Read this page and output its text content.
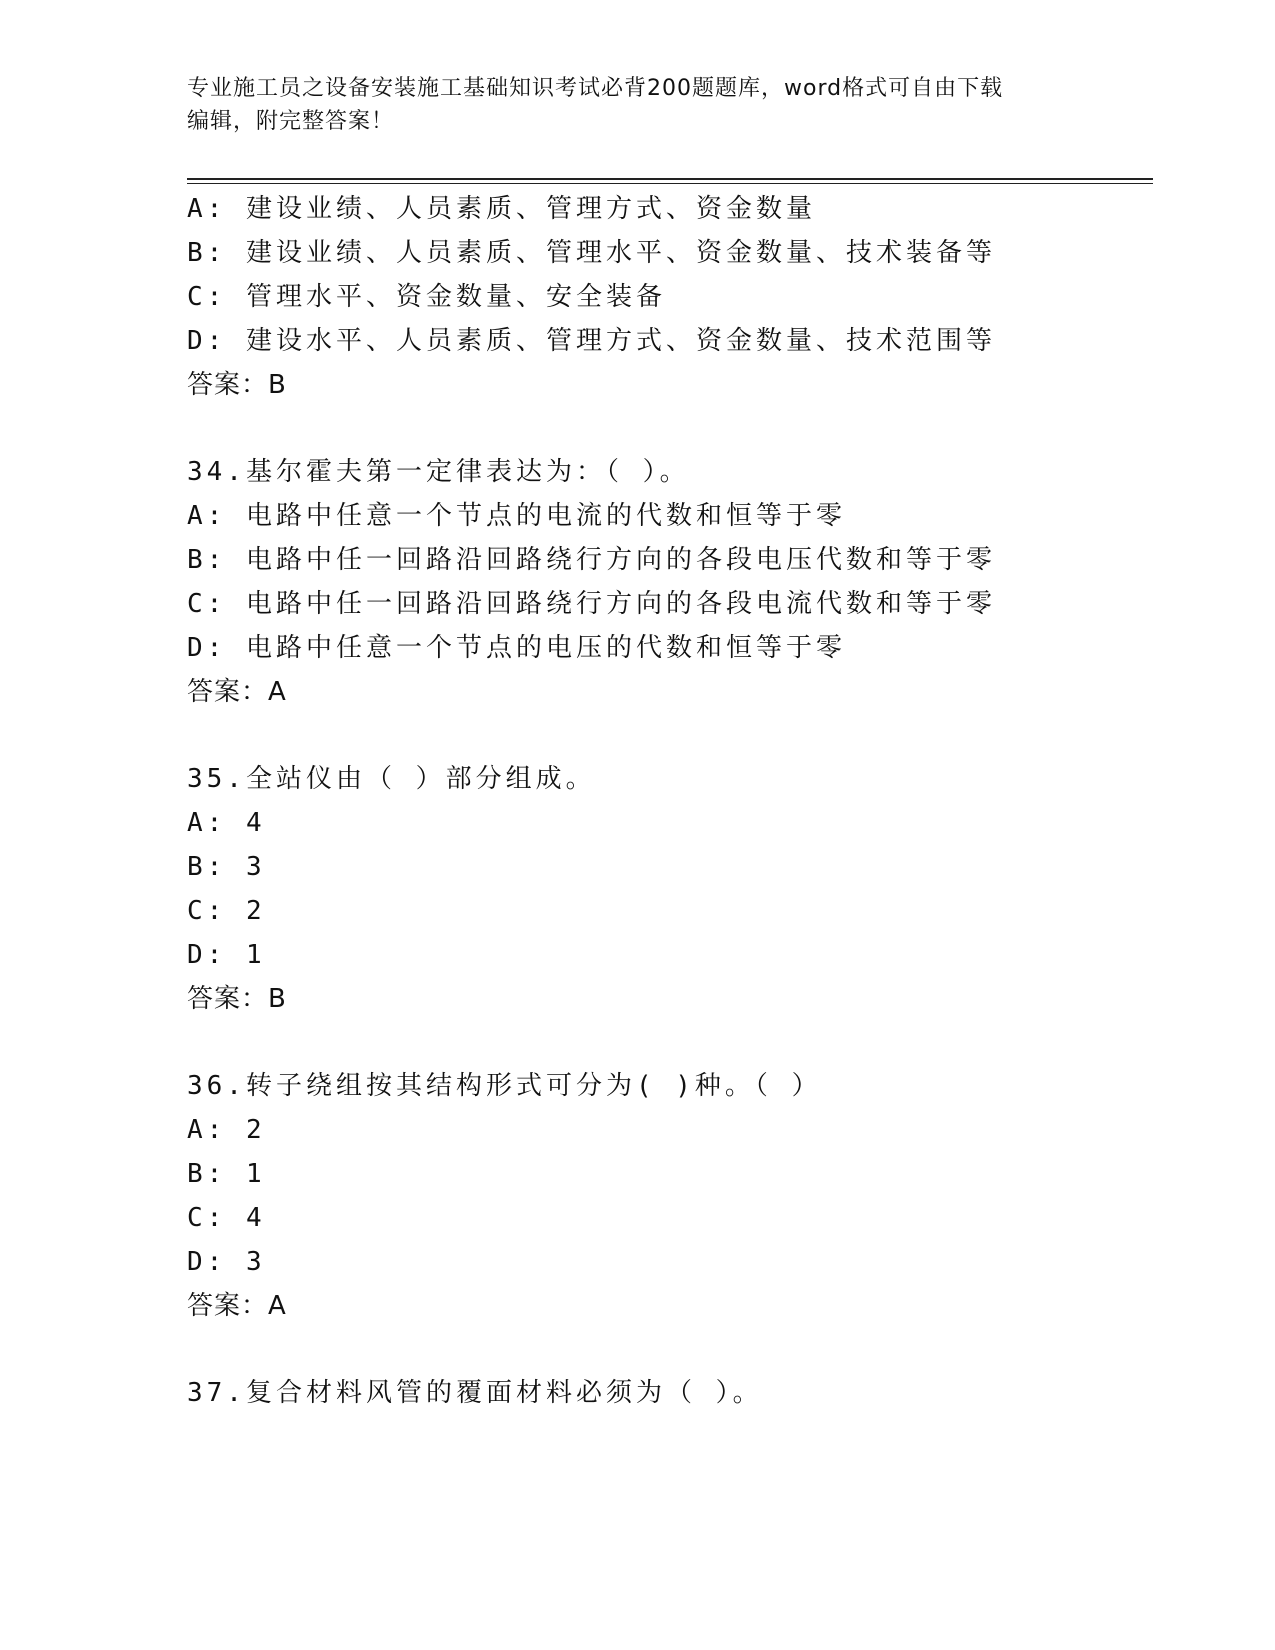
专业施工员之设备安装施工基础知识考试必背200题题库，word格式可自由下载
编辑，附完整答案！
A: 建设业绩、人员素质、管理方式、资金数量
B: 建设业绩、人员素质、管理水平、资金数量、技术装备等
C: 管理水平、资金数量、安全装备
D: 建设水平、人员素质、管理方式、资金数量、技术范围等
答案：B
34.基尔霍夫第一定律表达为：（ ）。
A: 电路中任意一个节点的电流的代数和恒等于零
B: 电路中任一回路沿回路绕行方向的各段电压代数和等于零
C: 电路中任一回路沿回路绕行方向的各段电流代数和等于零
D: 电路中任意一个节点的电压的代数和恒等于零
答案：A
35.全站仪由（ ）部分组成。
A: 4
B: 3
C: 2
D: 1
答案：B
36.转子绕组按其结构形式可分为( )种。（ ）
A: 2
B: 1
C: 4
D: 3
答案：A
37.复合材料风管的覆面材料必须为（ ）。
